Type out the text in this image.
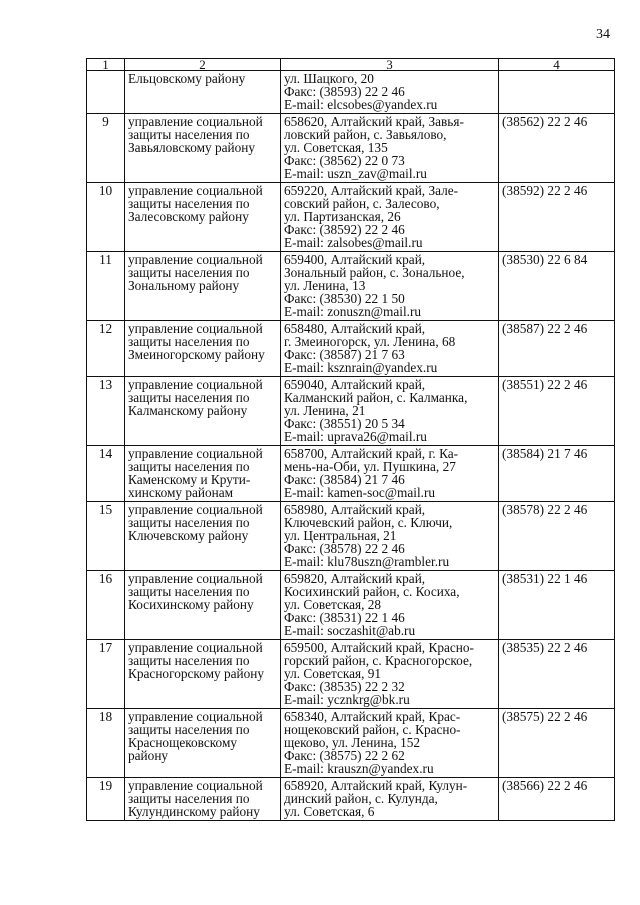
34
1	2	3	4

	Ельцовскому району	ул. Шацкого, 20
Факс: (38593) 22 2 46
E-mail: elcsobes@yandex.ru	

9	управление социальной
защиты населения по
Завьяловскому району	658620, Алтайский край, Завья-
ловский район, с. Завьялово,
ул. Советская, 135
Факс: (38562) 22 0 73
E-mail: uszn_zav@mail.ru	(38562) 22 2 46
10	управление социальной
защиты населения по
Залесовскому району	659220, Алтайский край, Зале-
совский район, с. Залесово,
ул. Партизанская, 26
Факс: (38592) 22 2 46
E-mail: zalsobes@mail.ru	(38592) 22 2 46
11	управление социальной
защиты населения по
Зональному району	659400, Алтайский край,
Зональный район, с. Зональное,
ул. Ленина, 13
Факс: (38530) 22 1 50
E-mail: zonuszn@mail.ru	(38530) 22 6 84
12	управление социальной
защиты населения по
Змеиногорскому району	658480, Алтайский край,
г. Змеиногорск, ул. Ленина, 68
Факс: (38587) 21 7 63
E-mail: ksznrain@yandex.ru	(38587) 22 2 46
13	управление социальной
защиты населения по
Калманскому району	659040, Алтайский край,
Калманский район, с. Калманка,
ул. Ленина, 21
Факс: (38551) 20 5 34
E-mail: uprava26@mail.ru	(38551) 22 2 46
14	управление социальной
защиты населения по
Каменскому и Крути-
хинскому районам	658700, Алтайский край, г. Ка-
мень-на-Оби, ул. Пушкина, 27
Факс: (38584) 21 7 46
E-mail: kamen-soc@mail.ru	(38584) 21 7 46
15	управление социальной
защиты населения по
Ключевскому району	658980, Алтайский край,
Ключевский район, с. Ключи,
ул. Центральная, 21
Факс: (38578) 22 2 46
E-mail: klu78uszn@rambler.ru	(38578) 22 2 46
16	управление социальной
защиты населения по
Косихинскому району	659820, Алтайский край,
Косихинский район, с. Косиха,
ул. Советская, 28
Факс: (38531) 22 1 46
E-mail: soczashit@ab.ru	(38531) 22 1 46
17	управление социальной
защиты населения по
Красногорскому району	659500, Алтайский край, Красно-
горский район, с. Красногорское,
ул. Советская, 91
Факс: (38535) 22 2 32
E-mail: ycznkrg@bk.ru	(38535) 22 2 46
18	управление социальной
защиты населения по
Краснощековскому
району	658340, Алтайский край, Крас-
нощековский район, с. Красно-
щеково, ул. Ленина, 152
Факс: (38575) 22 2 62
E-mail: krauszn@yandex.ru	(38575) 22 2 46
19	управление социальной
защиты населения по
Кулундинскому району	658920, Алтайский край, Кулун-
динский район, с. Кулунда,
ул. Советская, 6	(38566) 22 2 46
